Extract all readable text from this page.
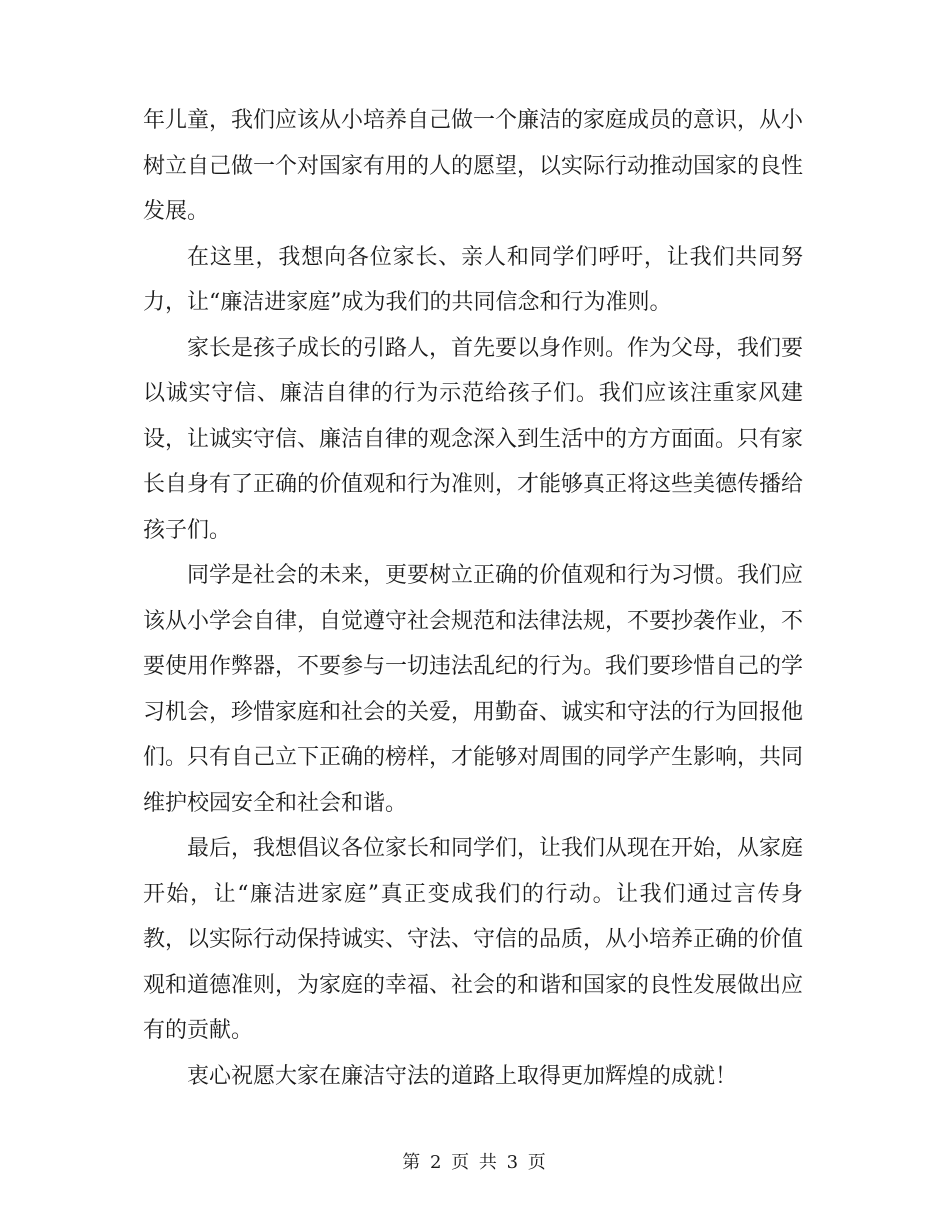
年儿童，我们应该从小培养自己做一个廉洁的家庭成员的意识，从小树立自己做一个对国家有用的人的愿望，以实际行动推动国家的良性发展。

在这里，我想向各位家长、亲人和同学们呼吁，让我们共同努力，让“廉洁进家庭”成为我们的共同信念和行为准则。

家长是孩子成长的引路人，首先要以身作则。作为父母，我们要以诚实守信、廉洁自律的行为示范给孩子们。我们应该注重家风建设，让诚实守信、廉洁自律的观念深入到生活中的方方面面。只有家长自身有了正确的价值观和行为准则，才能够真正将这些美德传播给孩子们。

同学是社会的未来，更要树立正确的价值观和行为习惯。我们应该从小学会自律，自觉遵守社会规范和法律法规，不要抄袭作业，不要使用作弊器，不要参与一切违法乱纪的行为。我们要珍惜自己的学习机会，珍惜家庭和社会的关爱，用勤奋、诚实和守法的行为回报他们。只有自己立下正确的榜样，才能够对周围的同学产生影响，共同维护校园安全和社会和谐。

最后，我想倡议各位家长和同学们，让我们从现在开始，从家庭开始，让“廉洁进家庭”真正变成我们的行动。让我们通过言传身教，以实际行动保持诚实、守法、守信的品质，从小培养正确的价值观和道德准则，为家庭的幸福、社会的和谐和国家的良性发展做出应有的贡献。

衷心祝愿大家在廉洁守法的道路上取得更加辉煌的成就！

第 2 页 共 3 页
